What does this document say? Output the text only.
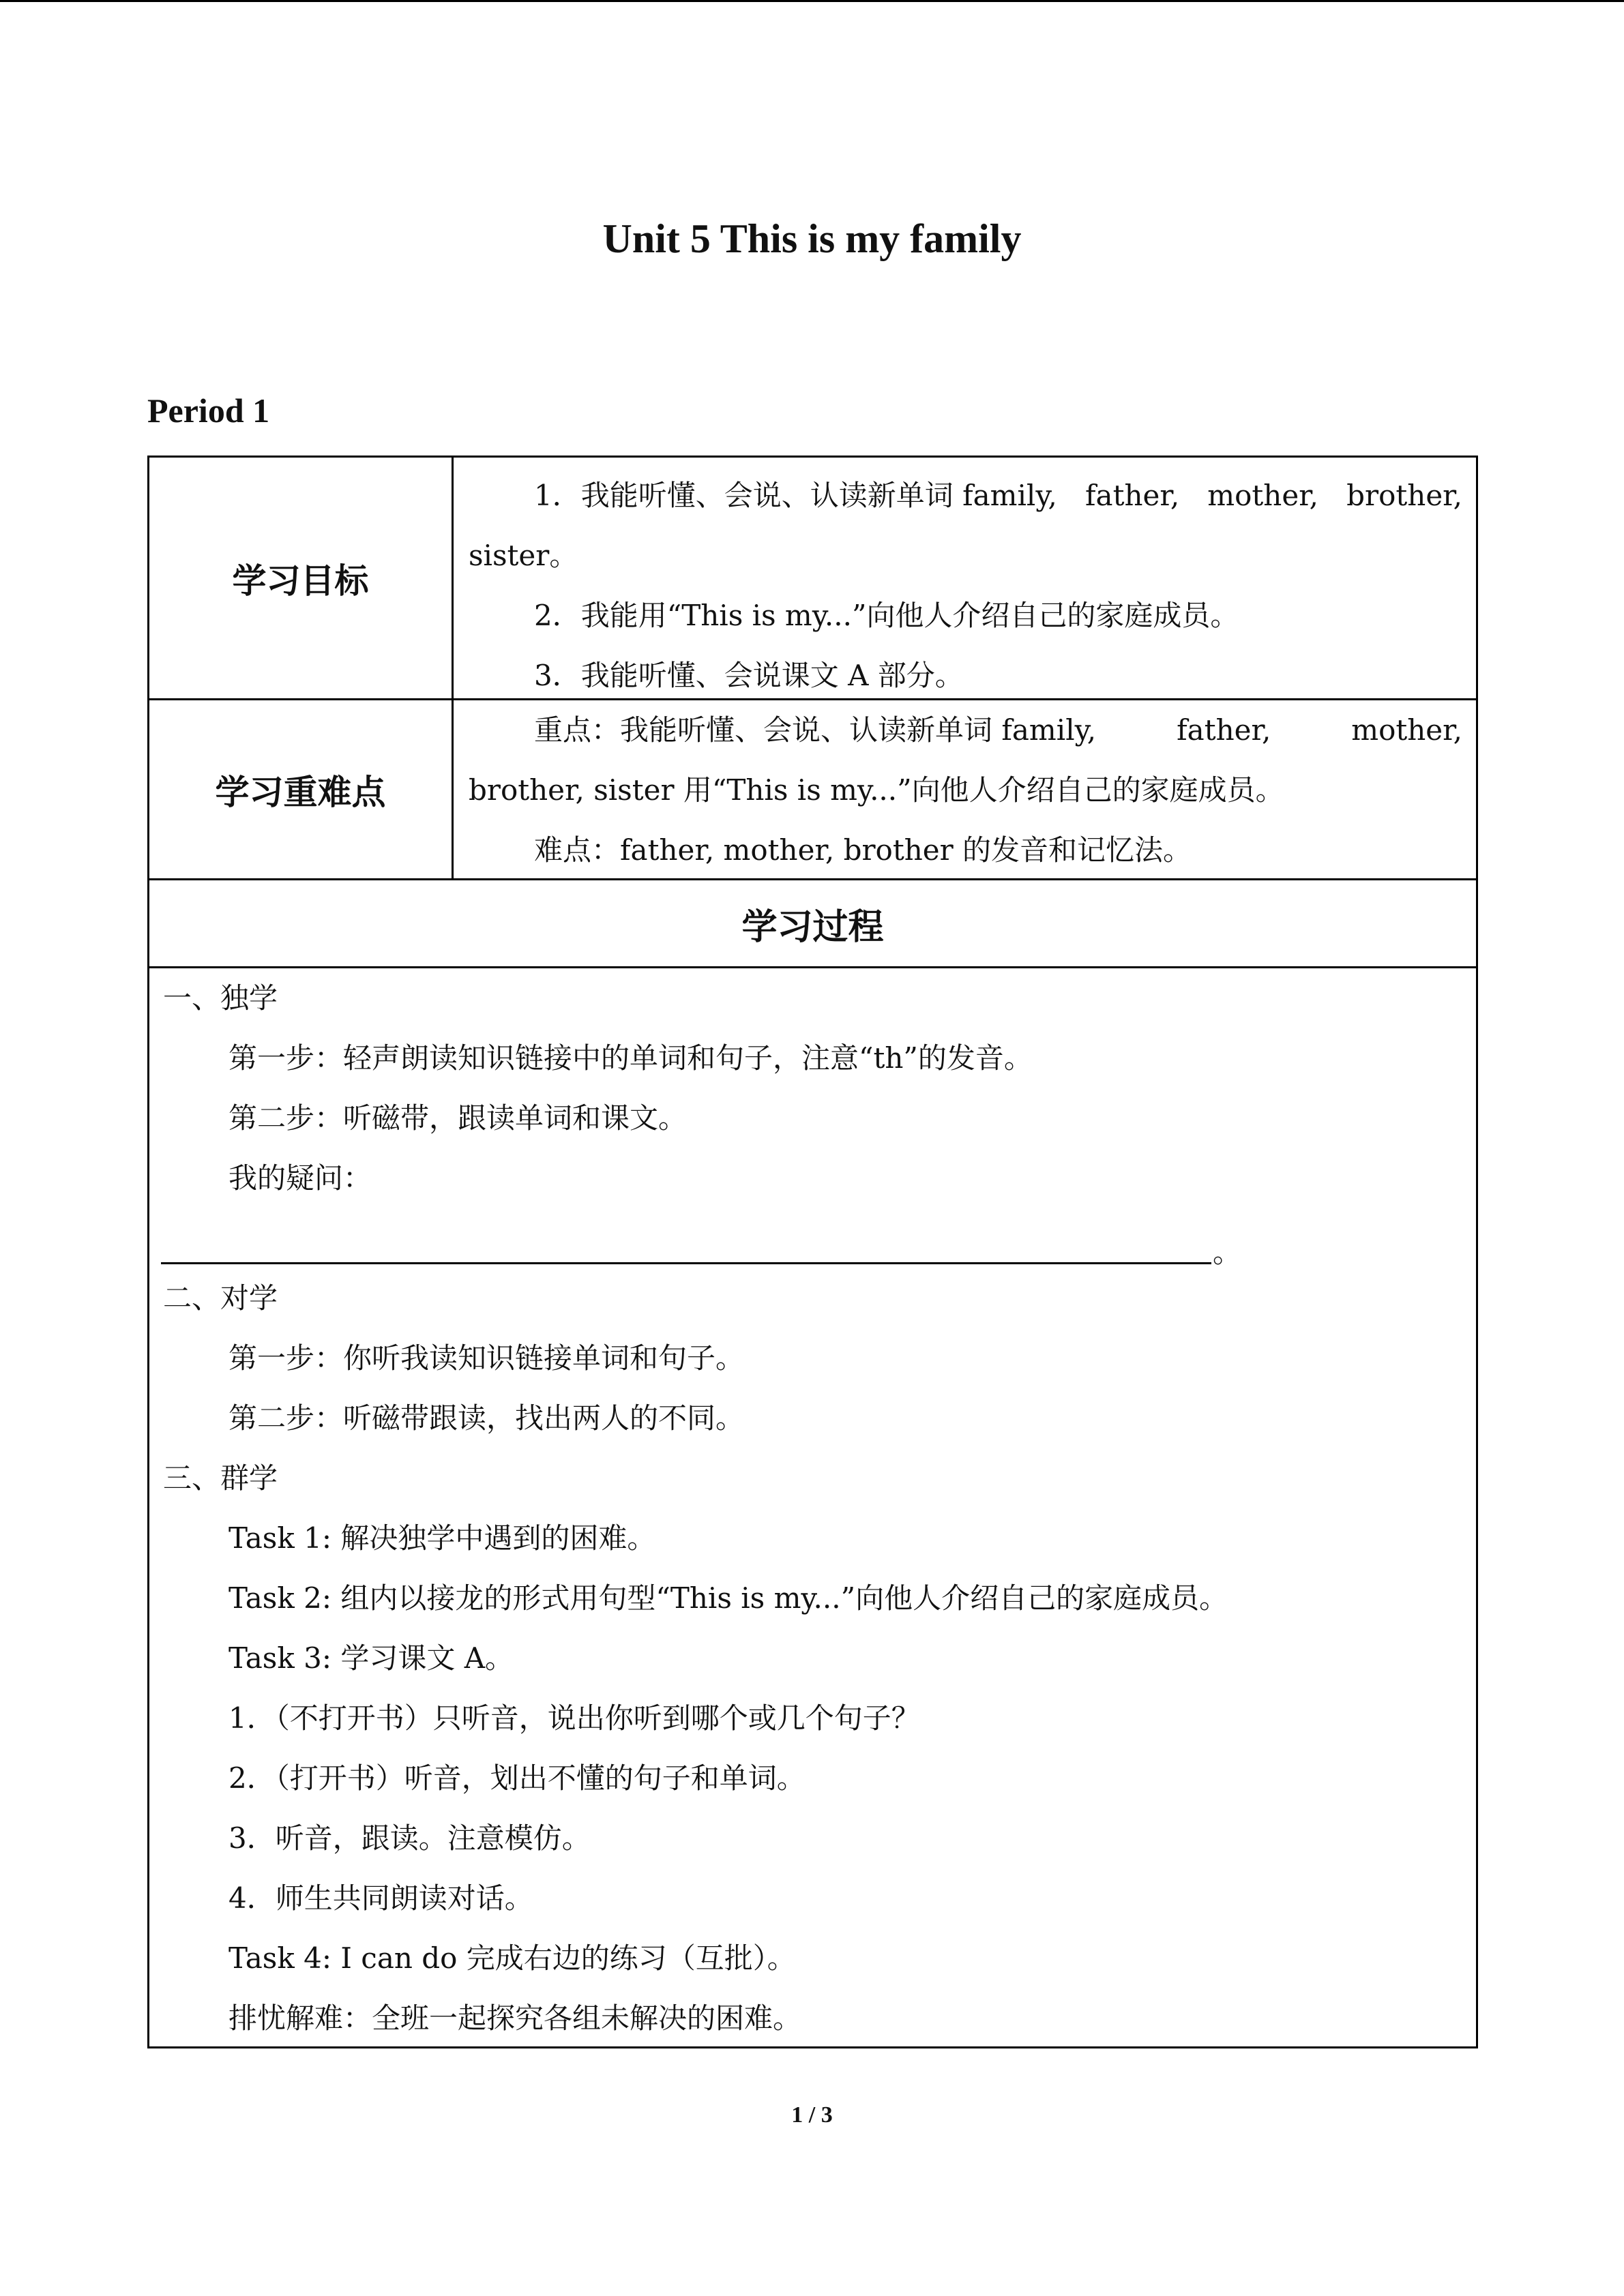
Unit 5 This is my family
Period 1
学习目标
1．我能听懂、会说、认读新单词 family, father, mother, brother,
sister。
2．我能用“This is my...”向他人介绍自己的家庭成员。
3．我能听懂、会说课文 A 部分。
学习重难点
重点：我能听懂、会说、认读新单词 family,	father,	mother,
brother, sister 用“This is my...”向他人介绍自己的家庭成员。
难点：father, mother, brother 的发音和记忆法。
学习过程
一、独学
第一步：轻声朗读知识链接中的单词和句子，注意“th”的发音。
第二步：听磁带，跟读单词和课文。
我的疑问：
二、对学
第一步：你听我读知识链接单词和句子。
第二步：听磁带跟读，找出两人的不同。
三、群学
Task 1: 解决独学中遇到的困难。
Task 2: 组内以接龙的形式用句型“This is my...”向他人介绍自己的家庭成员。
Task 3: 学习课文 A。
1．（不打开书）只听音，说出你听到哪个或几个句子？
2．（打开书）听音，划出不懂的句子和单词。
3．听音，跟读。注意模仿。
4．师生共同朗读对话。
Task 4: I can do 完成右边的练习（互批）。
排忧解难：全班一起探究各组未解决的困难。
。
1 / 3
